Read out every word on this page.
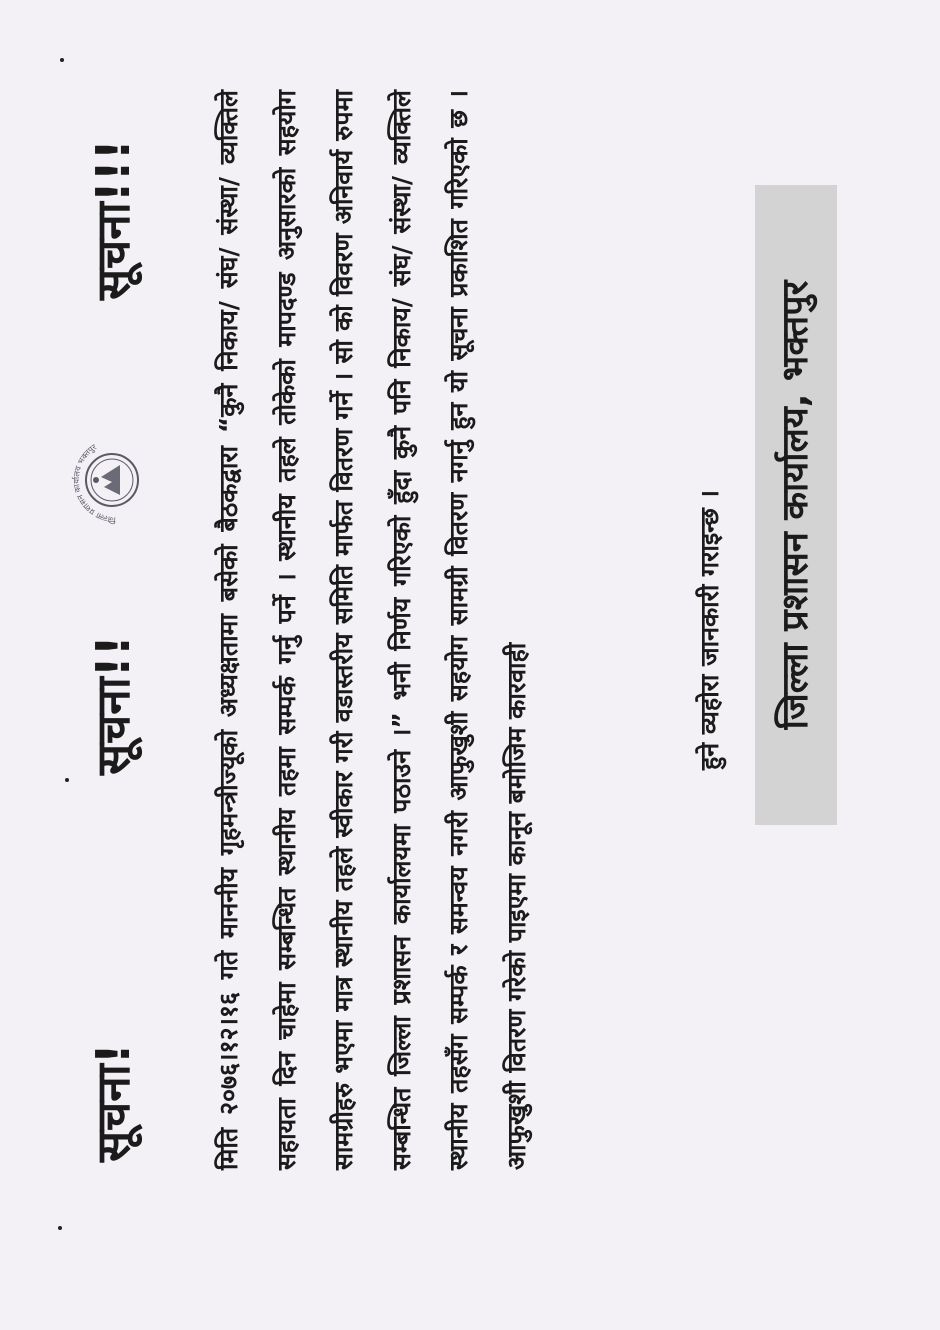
सूचना!
सूचना!!
सूचना!!!
जिल्ला प्रशासन कार्यालय भक्तपुर	मिति २०७६।१२।१६ गते माननीय गृहमन्त्रीज्यूको अध्यक्षतामा बसेको बैठकद्वारा “कुनै निकाय/ संघ/ संस्था/ व्यक्तिले सहायता दिन चाहेमा सम्बन्धित स्थानीय तहमा सम्पर्क गर्नु पर्ने । स्थानीय तहले तोकेको मापदण्ड अनुसारको सहयोग सामग्रीहरु भएमा मात्र स्थानीय तहले स्वीकार गरी वडास्तरीय समिति मार्फत वितरण गर्ने । सो को विवरण अनिवार्य रुपमा सम्बन्धित जिल्ला प्रशासन कार्यालयमा पठाउने ।” भनी निर्णय गरिएको हुँदा कुनै पनि निकाय/ संघ/ संस्था/ व्यक्तिले स्थानीय तहसँग सम्पर्क र समन्वय नगरी आफुखुशी सहयोग सामग्री वितरण नगर्नु हुन यो सूचना प्रकाशित गरिएको छ । आफुखुशी वितरण गरेको पाइएमा कानून बमोजिम कारवाही
हुने व्यहोरा जानकारी गराइन्छ ।	जिल्ला प्रशासन कार्यालय, भक्तपुर
